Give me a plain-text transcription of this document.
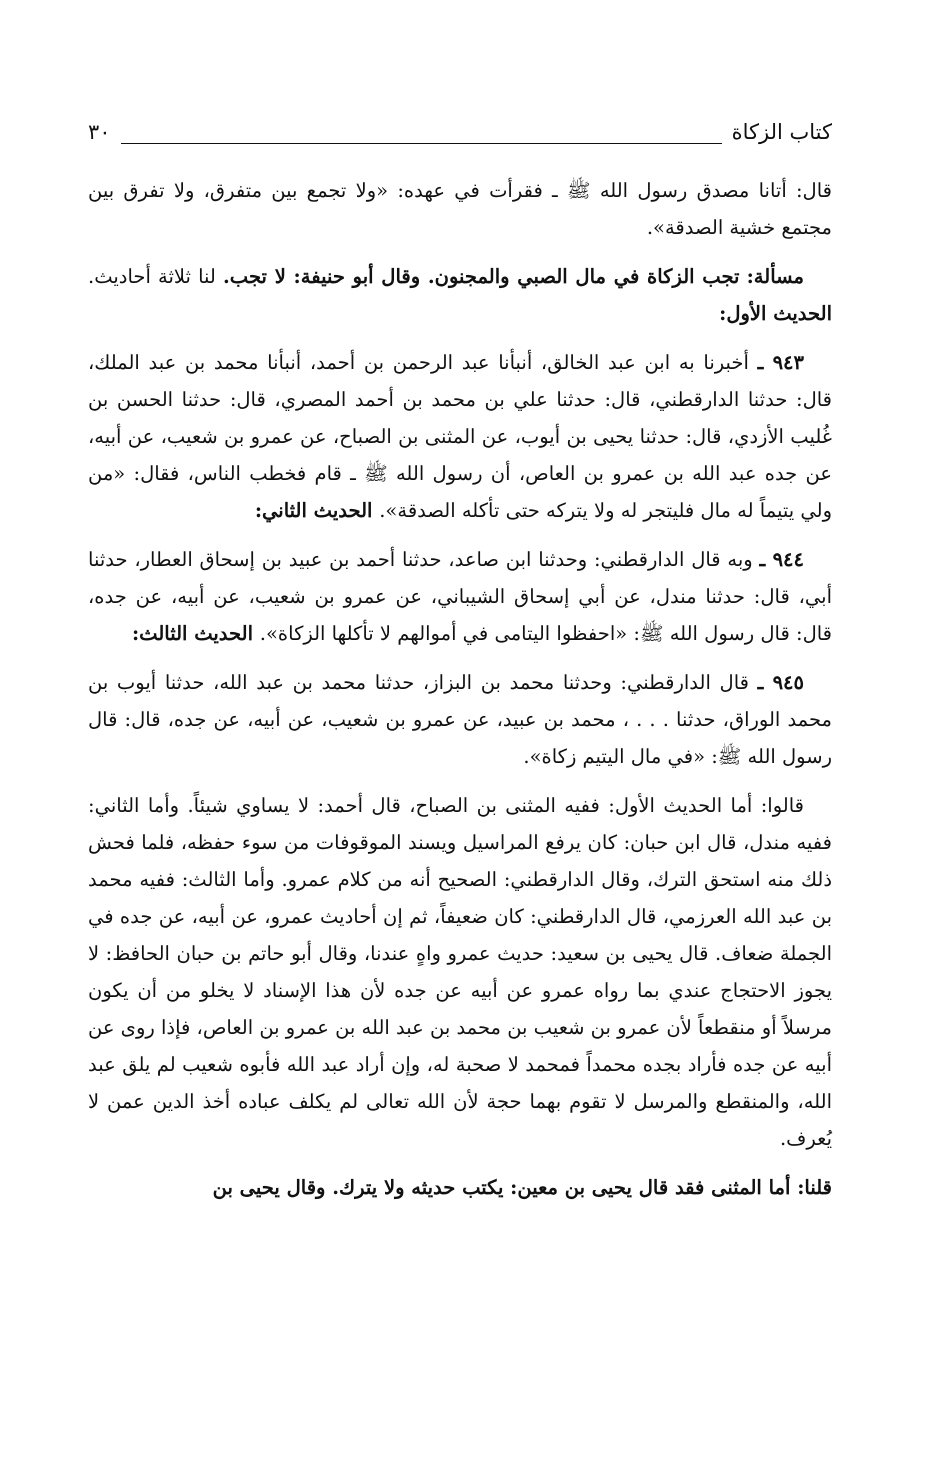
كتاب الزكاة
٣٠

قال: أتانا مصدق رسول الله ﷺ ـ فقرأت في عهده: «ولا تجمع بين متفرق، ولا تفرق بين مجتمع خشية الصدقة».

مسألة: تجب الزكاة في مال الصبي والمجنون. وقال أبو حنيفة: لا تجب. لنا ثلاثة أحاديث. الحديث الأول:

٩٤٣ ـ أخبرنا به ابن عبد الخالق، أنبأنا عبد الرحمن بن أحمد، أنبأنا محمد بن عبد الملك، قال: حدثنا الدارقطني، قال: حدثنا علي بن محمد بن أحمد المصري، قال: حدثنا الحسن بن غُليب الأزدي، قال: حدثنا يحيى بن أيوب، عن المثنى بن الصباح، عن عمرو بن شعيب، عن أبيه، عن جده عبد الله بن عمرو بن العاص، أن رسول الله ﷺ ـ قام فخطب الناس، فقال: «من ولي يتيماً له مال فليتجر له ولا يتركه حتى تأكله الصدقة». الحديث الثاني:

٩٤٤ ـ وبه قال الدارقطني: وحدثنا ابن صاعد، حدثنا أحمد بن عبيد بن إسحاق العطار، حدثنا أبي، قال: حدثنا مندل، عن أبي إسحاق الشيباني، عن عمرو بن شعيب، عن أبيه، عن جده، قال: قال رسول الله ﷺ: «احفظوا اليتامى في أموالهم لا تأكلها الزكاة». الحديث الثالث:

٩٤٥ ـ قال الدارقطني: وحدثنا محمد بن البزاز، حدثنا محمد بن عبد الله، حدثنا أيوب بن محمد الوراق، حدثنا . . . ، محمد بن عبيد، عن عمرو بن شعيب، عن أبيه، عن جده، قال: قال رسول الله ﷺ: «في مال اليتيم زكاة».

قالوا: أما الحديث الأول: ففيه المثنى بن الصباح، قال أحمد: لا يساوي شيئاً. وأما الثاني: ففيه مندل، قال ابن حبان: كان يرفع المراسيل ويسند الموقوفات من سوء حفظه، فلما فحش ذلك منه استحق الترك، وقال الدارقطني: الصحيح أنه من كلام عمرو. وأما الثالث: ففيه محمد بن عبد الله العرزمي، قال الدارقطني: كان ضعيفاً، ثم إن أحاديث عمرو، عن أبيه، عن جده في الجملة ضعاف. قال يحيى بن سعيد: حديث عمرو واهٍ عندنا، وقال أبو حاتم بن حبان الحافظ: لا يجوز الاحتجاج عندي بما رواه عمرو عن أبيه عن جده لأن هذا الإسناد لا يخلو من أن يكون مرسلاً أو منقطعاً لأن عمرو بن شعيب بن محمد بن عبد الله بن عمرو بن العاص، فإذا روى عن أبيه عن جده فأراد بجده محمداً فمحمد لا صحبة له، وإن أراد عبد الله فأبوه شعيب لم يلق عبد الله، والمنقطع والمرسل لا تقوم بهما حجة لأن الله تعالى لم يكلف عباده أخذ الدين عمن لا يُعرف.

قلنا: أما المثنى فقد قال يحيى بن معين: يكتب حديثه ولا يترك. وقال يحيى بن
